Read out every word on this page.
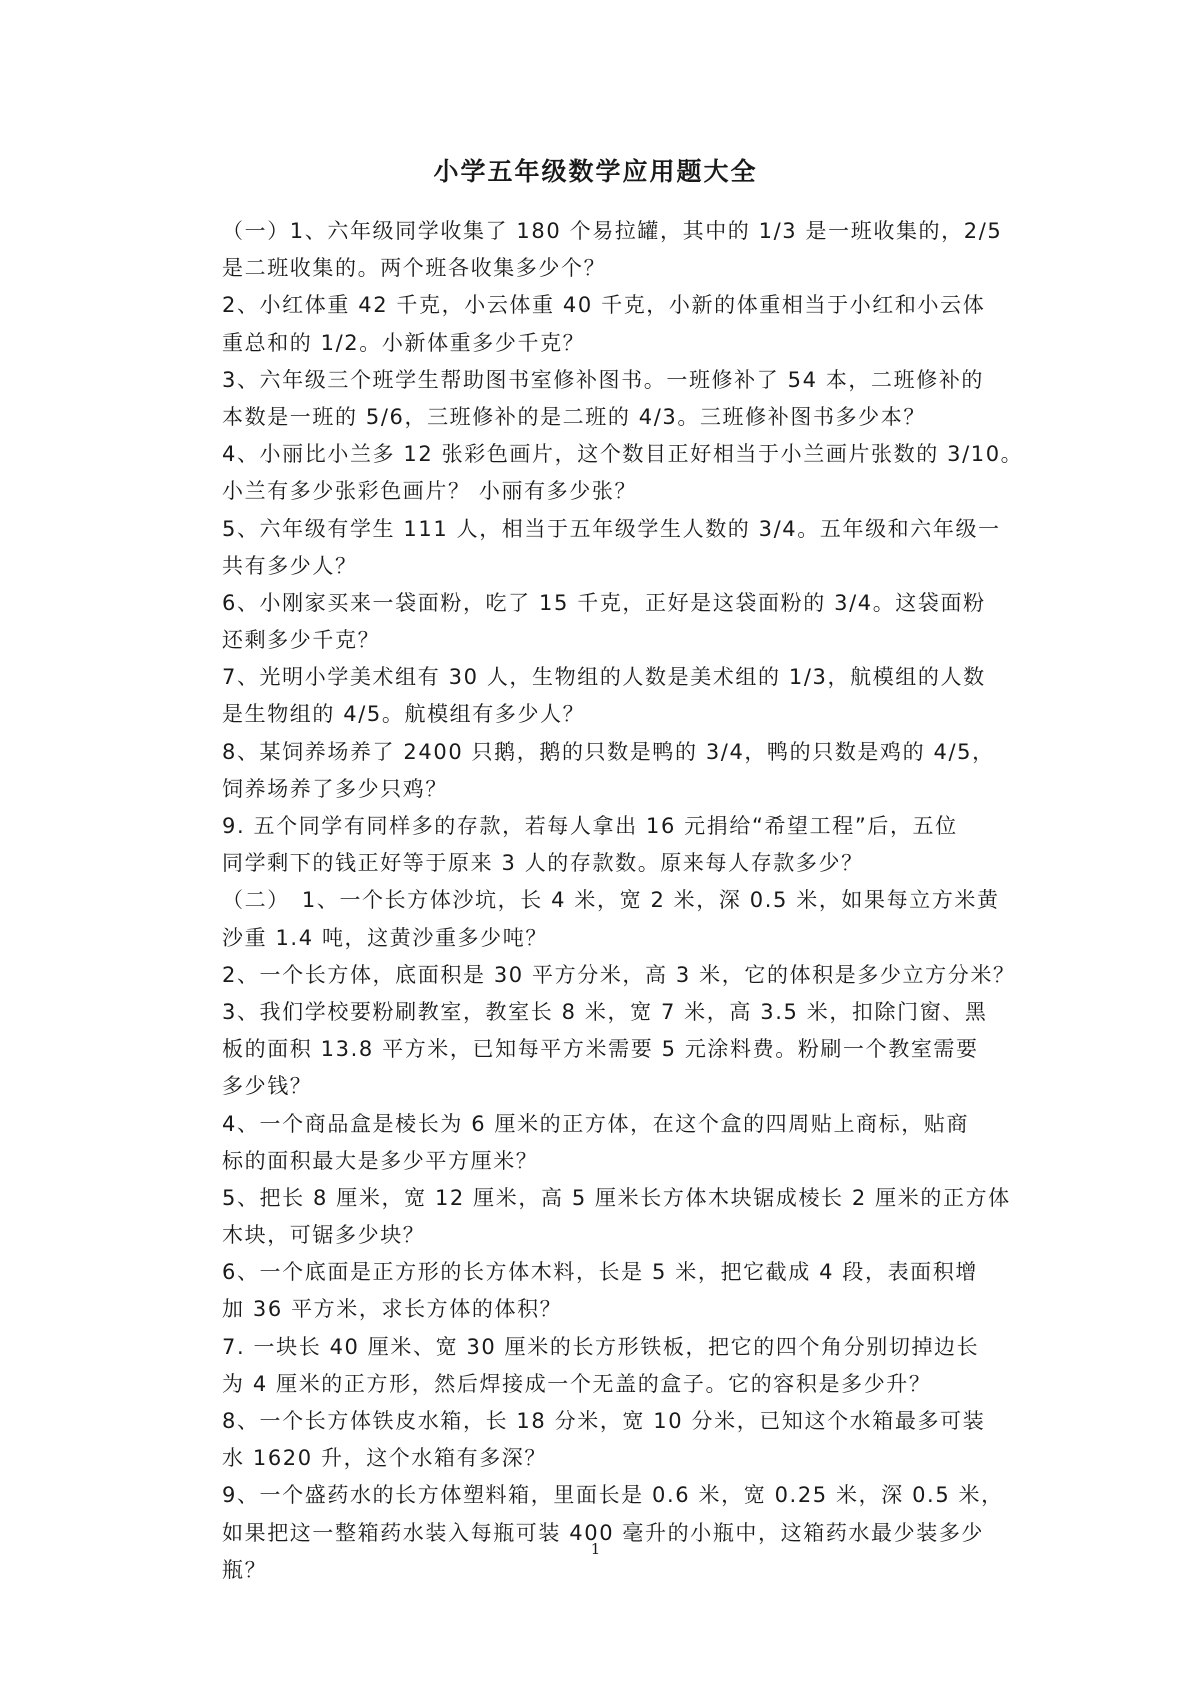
小学五年级数学应用题大全
（一）1、六年级同学收集了 180 个易拉罐，其中的 1/3 是一班收集的，2/5
是二班收集的。两个班各收集多少个？
2、小红体重 42 千克，小云体重 40 千克，小新的体重相当于小红和小云体
重总和的 1/2。小新体重多少千克？
3、六年级三个班学生帮助图书室修补图书。一班修补了 54 本，二班修补的
本数是一班的 5/6，三班修补的是二班的 4/3。三班修补图书多少本？
4、小丽比小兰多 12 张彩色画片，这个数目正好相当于小兰画片张数的 3/10。
小兰有多少张彩色画片？ 小丽有多少张？
5、六年级有学生 111 人，相当于五年级学生人数的 3/4。五年级和六年级一
共有多少人？
6、小刚家买来一袋面粉，吃了 15 千克，正好是这袋面粉的 3/4。这袋面粉
还剩多少千克？
7、光明小学美术组有 30 人，生物组的人数是美术组的 1/3，航模组的人数
是生物组的 4/5。航模组有多少人？
8、某饲养场养了 2400 只鹅，鹅的只数是鸭的 3/4，鸭的只数是鸡的 4/5，
饲养场养了多少只鸡？
9. 五个同学有同样多的存款，若每人拿出 16 元捐给“希望工程”后，五位
同学剩下的钱正好等于原来 3 人的存款数。原来每人存款多少？
（二）　1、一个长方体沙坑，长 4 米，宽 2 米，深 0.5 米，如果每立方米黄
沙重 1.4 吨，这黄沙重多少吨？
2、一个长方体，底面积是 30 平方分米，高 3 米，它的体积是多少立方分米？
3、我们学校要粉刷教室，教室长 8 米，宽 7 米，高 3.5 米，扣除门窗、黑
板的面积 13.8 平方米，已知每平方米需要 5 元涂料费。粉刷一个教室需要
多少钱？
4、一个商品盒是棱长为 6 厘米的正方体，在这个盒的四周贴上商标，贴商
标的面积最大是多少平方厘米？
5、把长 8 厘米，宽 12 厘米，高 5 厘米长方体木块锯成棱长 2 厘米的正方体
木块，可锯多少块？
6、一个底面是正方形的长方体木料，长是 5 米，把它截成 4 段，表面积增
加 36 平方米，求长方体的体积？
7. 一块长 40 厘米、宽 30 厘米的长方形铁板，把它的四个角分别切掉边长
为 4 厘米的正方形，然后焊接成一个无盖的盒子。它的容积是多少升？
8、一个长方体铁皮水箱，长 18 分米，宽 10 分米，已知这个水箱最多可装
水 1620 升，这个水箱有多深？
9、一个盛药水的长方体塑料箱，里面长是 0.6 米，宽 0.25 米，深 0.5 米，
如果把这一整箱药水装入每瓶可装 400 毫升的小瓶中，这箱药水最少装多少
瓶？
1
